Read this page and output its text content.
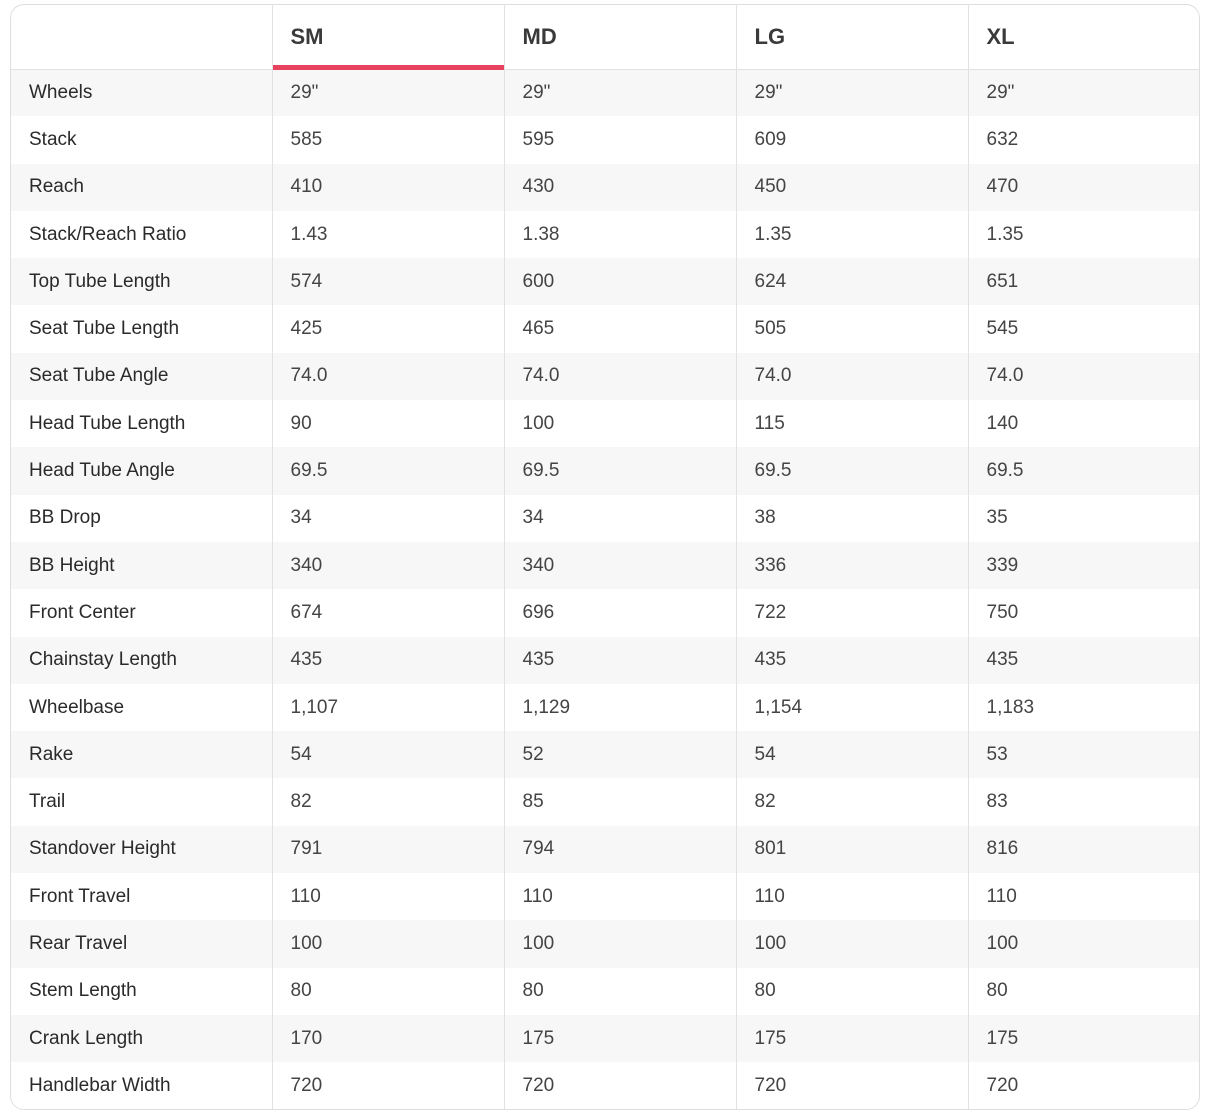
	SM	MD	LG	XL
Wheels	29"	29"	29"	29"
Stack	585	595	609	632
Reach	410	430	450	470
Stack/Reach Ratio	1.43	1.38	1.35	1.35
Top Tube Length	574	600	624	651
Seat Tube Length	425	465	505	545
Seat Tube Angle	74.0	74.0	74.0	74.0
Head Tube Length	90	100	115	140
Head Tube Angle	69.5	69.5	69.5	69.5
BB Drop	34	34	38	35
BB Height	340	340	336	339
Front Center	674	696	722	750
Chainstay Length	435	435	435	435
Wheelbase	1,107	1,129	1,154	1,183
Rake	54	52	54	53
Trail	82	85	82	83
Standover Height	791	794	801	816
Front Travel	110	110	110	110
Rear Travel	100	100	100	100
Stem Length	80	80	80	80
Crank Length	170	175	175	175
Handlebar Width	720	720	720	720
